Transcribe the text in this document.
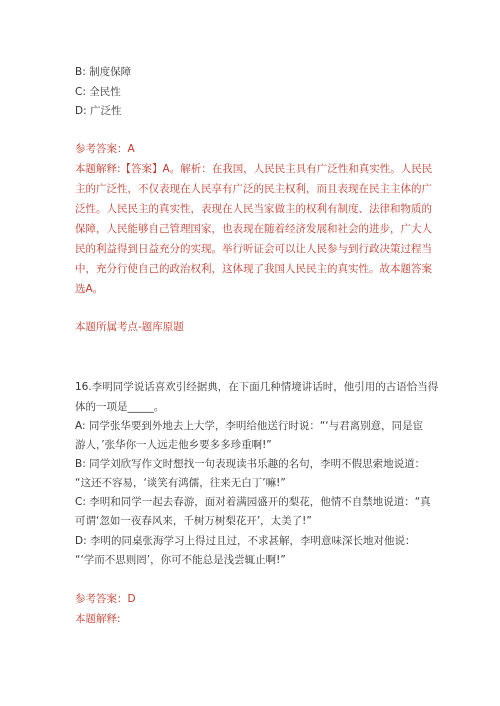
B: 制度保障
C: 全民性
D: 广泛性
参考答案：A
本题解释:【答案】A。解析：在我国，人民民主具有广泛性和真实性。人民民
主的广泛性，不仅表现在人民享有广泛的民主权利，而且表现在民主主体的广
泛性。人民民主的真实性，表现在人民当家做主的权利有制度、法律和物质的
保障，人民能够自己管理国家，也表现在随着经济发展和社会的进步，广大人
民的利益得到日益充分的实现。举行听证会可以让人民参与到行政决策过程当
中，充分行使自己的政治权利，这体现了我国人民民主的真实性。故本题答案
选A。
本题所属考点-题库原题
16.李明同学说话喜欢引经据典，在下面几种情境讲话时，他引用的古语恰当得
体的一项是_____。
A: 同学张华要到外地去上大学，李明给他送行时说：“‘与君离别意，同是宦
游人，’张华你一人远走他乡要多多珍重啊!”
B: 同学刘欣写作文时想找一句表现读书乐趣的名句，李明不假思索地说道：
“这还不容易，‘谈笑有鸿儒，往来无白丁’嘛!”
C: 李明和同学一起去春游，面对着满园盛开的梨花，他情不自禁地说道：“真
可谓‘忽如一夜春风来，千树万树梨花开’，太美了!”
D: 李明的同桌张海学习上得过且过，不求甚解，李明意味深长地对他说：
“‘学而不思则罔’，你可不能总是浅尝辄止啊!”
参考答案：D
本题解释:
